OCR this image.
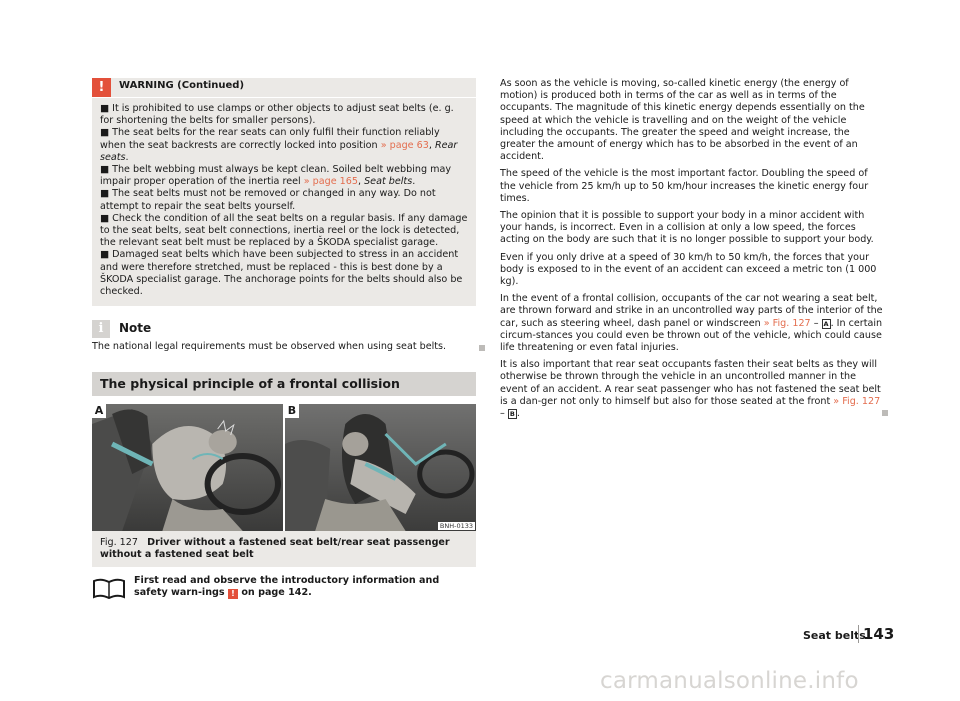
!	WARNING (Continued)

■ It is prohibited to use clamps or other objects to adjust seat belts (e. g. for shortening the belts for smaller persons).

■ The seat belts for the rear seats can only fulfil their function reliably when the seat backrests are correctly locked into position » page 63, Rear seats.

■ The belt webbing must always be kept clean. Soiled belt webbing may impair proper operation of the inertia reel » page 165, Seat belts.

■ The seat belts must not be removed or changed in any way. Do not attempt to repair the seat belts yourself.

■ Check the condition of all the seat belts on a regular basis. If any damage to the seat belts, seat belt connections, inertia reel or the lock is detected, the relevant seat belt must be replaced by a ŠKODA specialist garage.

■ Damaged seat belts which have been subjected to stress in an accident and were therefore stretched, must be replaced - this is best done by a ŠKODA specialist garage. The anchorage points for the belts should also be checked.

i	Note
The national legal requirements must be observed when using seat belts.
The physical principle of a frontal collision
A	B
BNH-0133
Fig. 127 Driver without a fastened seat belt/rear seat passenger without a fastened seat belt
First read and observe the introductory information and safety warn-ings ! on page 142.

As soon as the vehicle is moving, so-called kinetic energy (the energy of motion) is produced both in terms of the car as well as in terms of the occupants. The magnitude of this kinetic energy depends essentially on the speed at which the vehicle is travelling and on the weight of the vehicle including the occupants. The greater the speed and weight increase, the greater the amount of energy which has to be absorbed in the event of an accident.

The speed of the vehicle is the most important factor. Doubling the speed of the vehicle from 25 km/h up to 50 km/hour increases the kinetic energy four times.

The opinion that it is possible to support your body in a minor accident with your hands, is incorrect. Even in a collision at only a low speed, the forces acting on the body are such that it is no longer possible to support your body.

Even if you only drive at a speed of 30 km/h to 50 km/h, the forces that your body is exposed to in the event of an accident can exceed a metric ton (1 000 kg).

In the event of a frontal collision, occupants of the car not wearing a seat belt, are thrown forward and strike in an uncontrolled way parts of the interior of the car, such as steering wheel, dash panel or windscreen » Fig. 127 – A . In certain circum-stances you could even be thrown out of the vehicle, which could cause life threatening or even fatal injuries.

It is also important that rear seat occupants fasten their seat belts as they will otherwise be thrown through the vehicle in an uncontrolled manner in the event of an accident. A rear seat passenger who has not fastened the seat belt is a dan-ger not only to himself but also for those seated at the front » Fig. 127 – B .

Seat belts
143
carmanualsonline.info
